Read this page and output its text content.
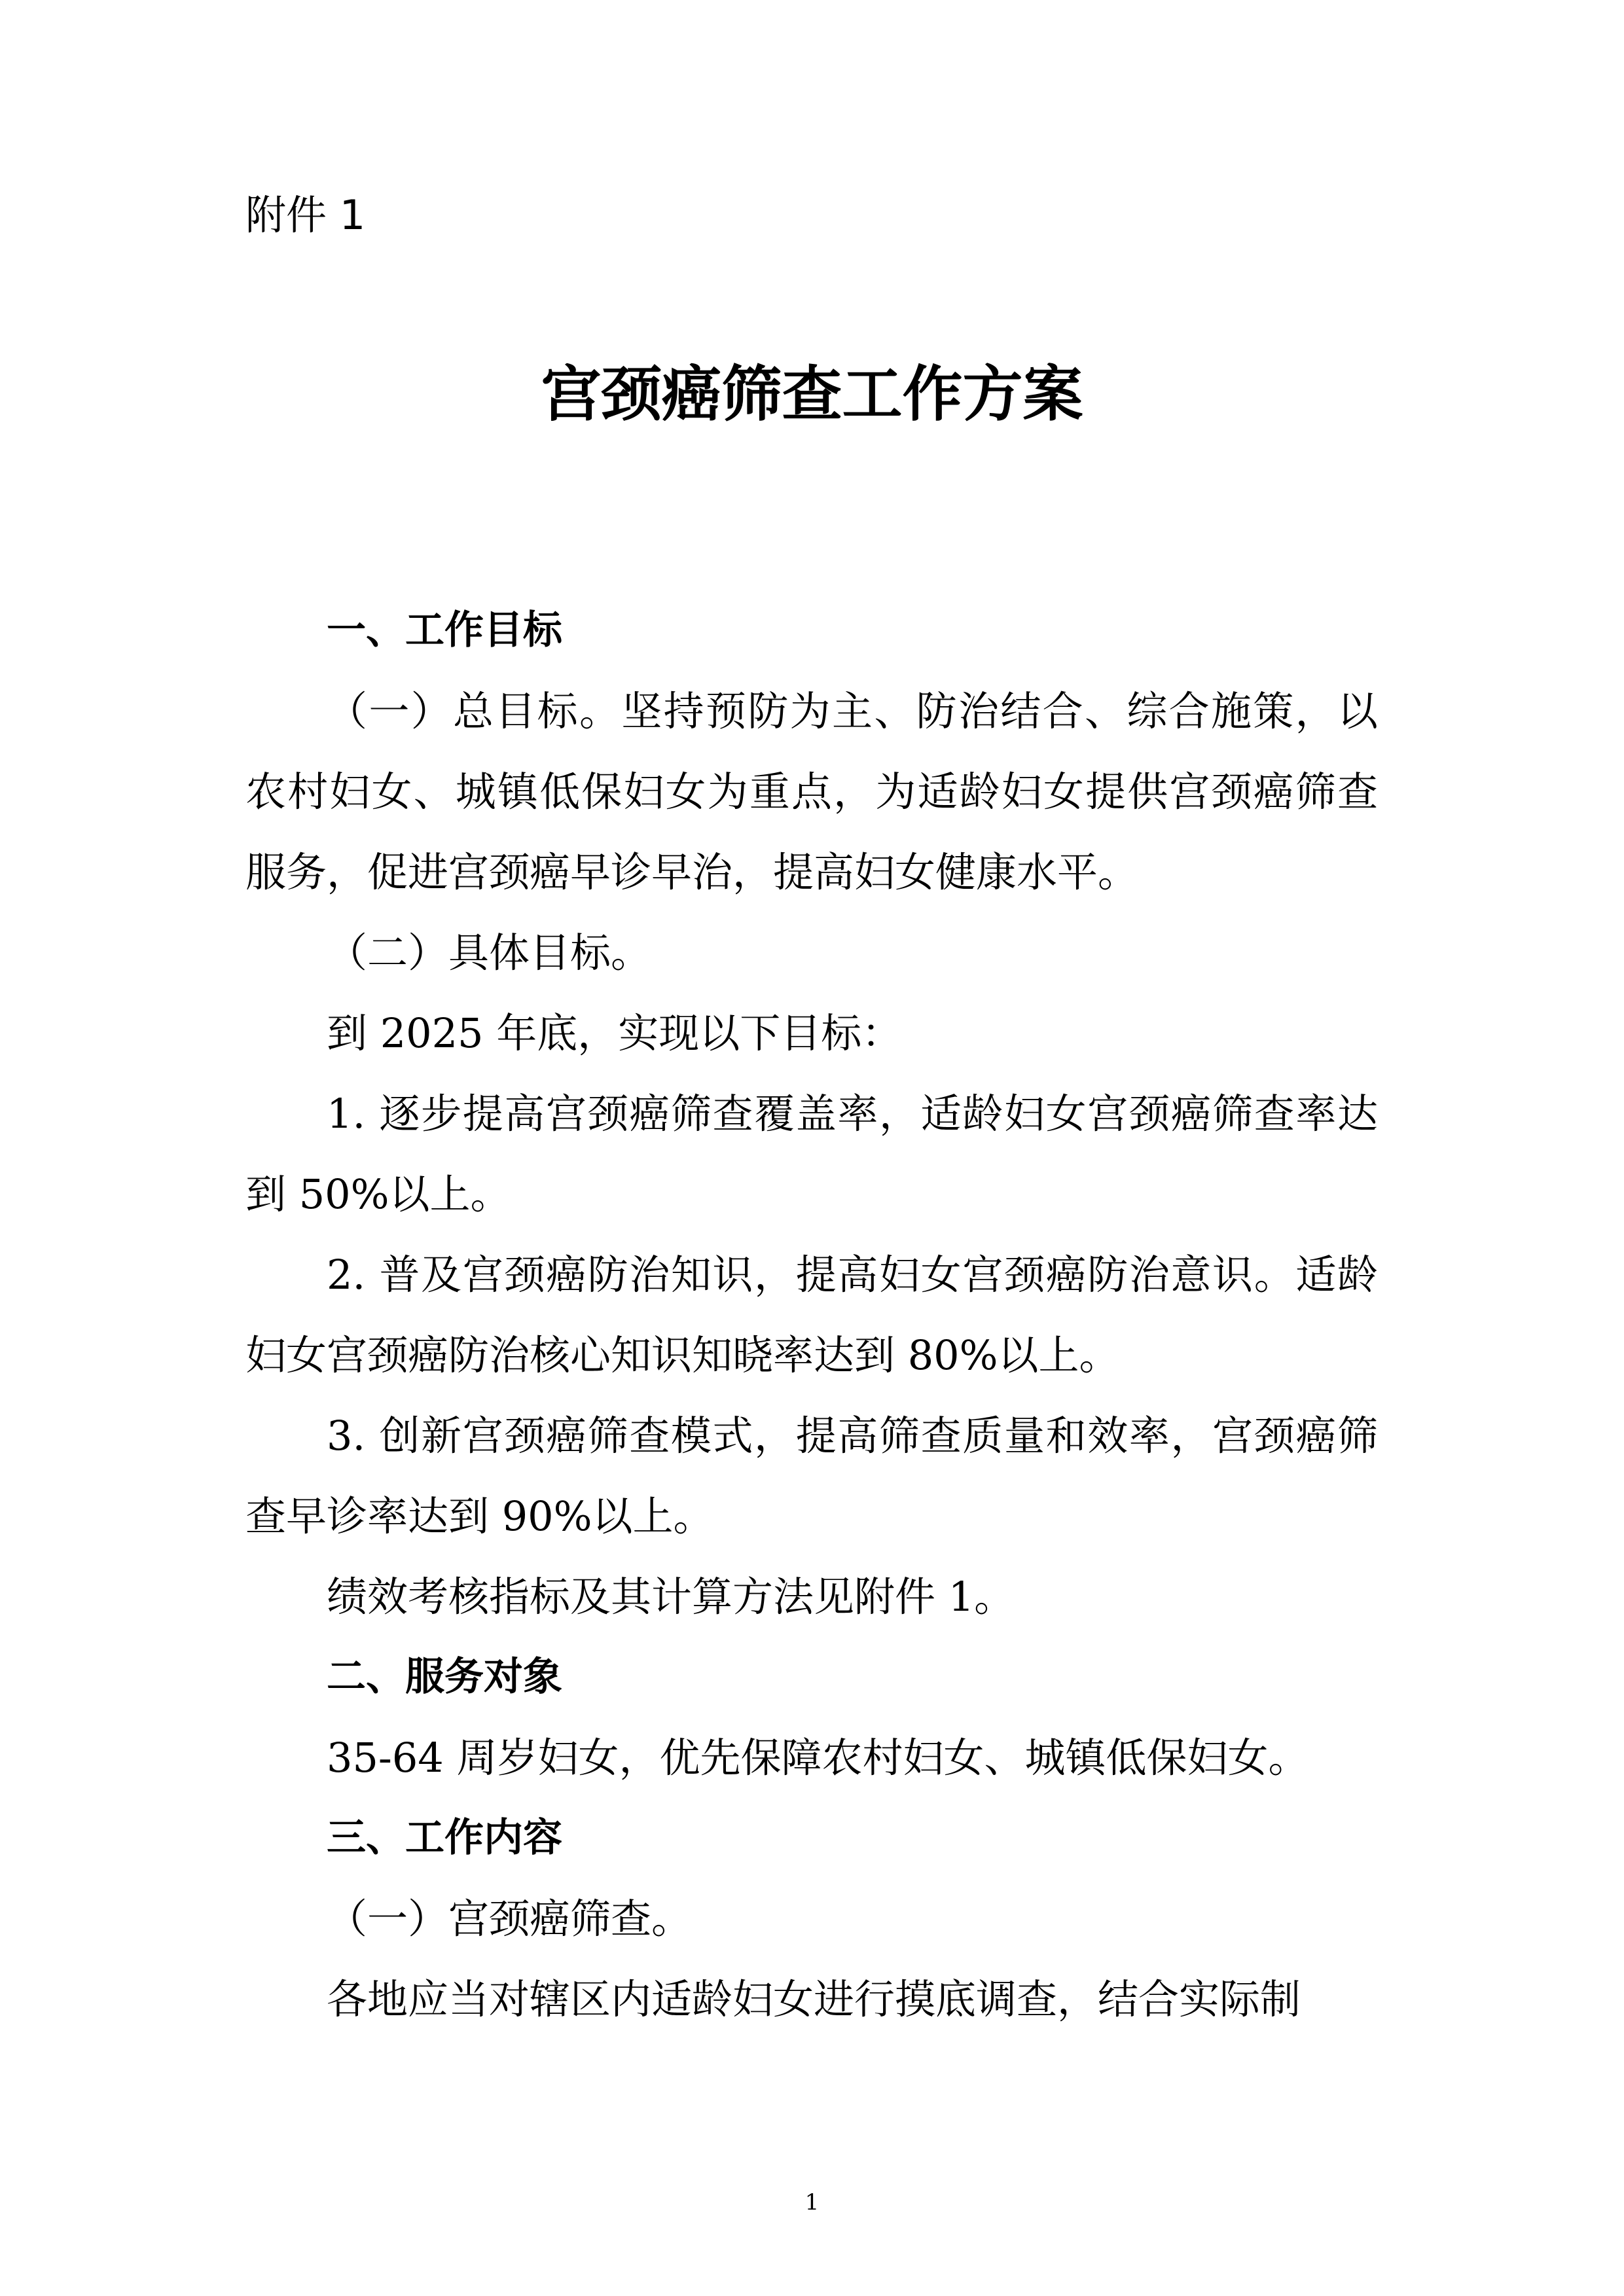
附件 1
宫颈癌筛查工作方案

一、工作目标

（一）总目标。坚持预防为主、防治结合、综合施策，以农村妇女、城镇低保妇女为重点，为适龄妇女提供宫颈癌筛查服务，促进宫颈癌早诊早治，提高妇女健康水平。

（二）具体目标。

到 2025 年底，实现以下目标：

1. 逐步提高宫颈癌筛查覆盖率，适龄妇女宫颈癌筛查率达到 50%以上。

2. 普及宫颈癌防治知识，提高妇女宫颈癌防治意识。适龄妇女宫颈癌防治核心知识知晓率达到 80%以上。

3. 创新宫颈癌筛查模式，提高筛查质量和效率，宫颈癌筛查早诊率达到 90%以上。

绩效考核指标及其计算方法见附件 1。

二、服务对象

35-64 周岁妇女，优先保障农村妇女、城镇低保妇女。

三、工作内容

（一）宫颈癌筛查。

各地应当对辖区内适龄妇女进行摸底调查，结合实际制

1
